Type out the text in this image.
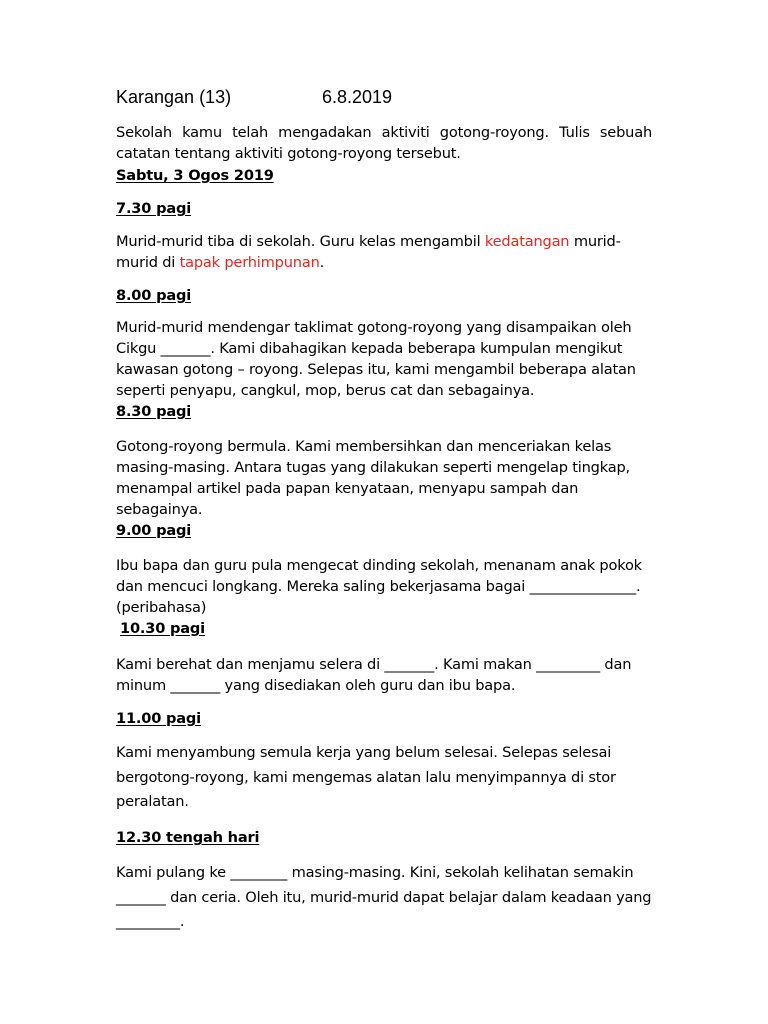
Karangan (13)	6.8.2019
Sekolah kamu telah mengadakan aktiviti gotong-royong. Tulis sebuah catatan tentang aktiviti gotong-royong tersebut.
Sabtu, 3 Ogos 2019
7.30 pagi
Murid-murid tiba di sekolah. Guru kelas mengambil kedatangan murid-murid di tapak perhimpunan.
8.00 pagi
Murid-murid mendengar taklimat gotong-royong yang disampaikan oleh Cikgu _______. Kami dibahagikan kepada beberapa kumpulan mengikut kawasan gotong – royong. Selepas itu, kami mengambil beberapa alatan seperti penyapu, cangkul, mop, berus cat dan sebagainya.
8.30 pagi
Gotong-royong bermula. Kami membersihkan dan menceriakan kelas masing-masing. Antara tugas yang dilakukan seperti mengelap tingkap, menampal artikel pada papan kenyataan, menyapu sampah dan sebagainya.
9.00 pagi
Ibu bapa dan guru pula mengecat dinding sekolah, menanam anak pokok dan mencuci longkang. Mereka saling bekerjasama bagai _______________. (peribahasa)
10.30 pagi
Kami berehat dan menjamu selera di _______. Kami makan _________ dan minum _______ yang disediakan oleh guru dan ibu bapa.
11.00 pagi
Kami menyambung semula kerja yang belum selesai. Selepas selesai bergotong-royong, kami mengemas alatan lalu menyimpannya di stor peralatan.
12.30 tengah hari
Kami pulang ke ________ masing-masing. Kini, sekolah kelihatan semakin _______ dan ceria. Oleh itu, murid-murid dapat belajar dalam keadaan yang _________.
